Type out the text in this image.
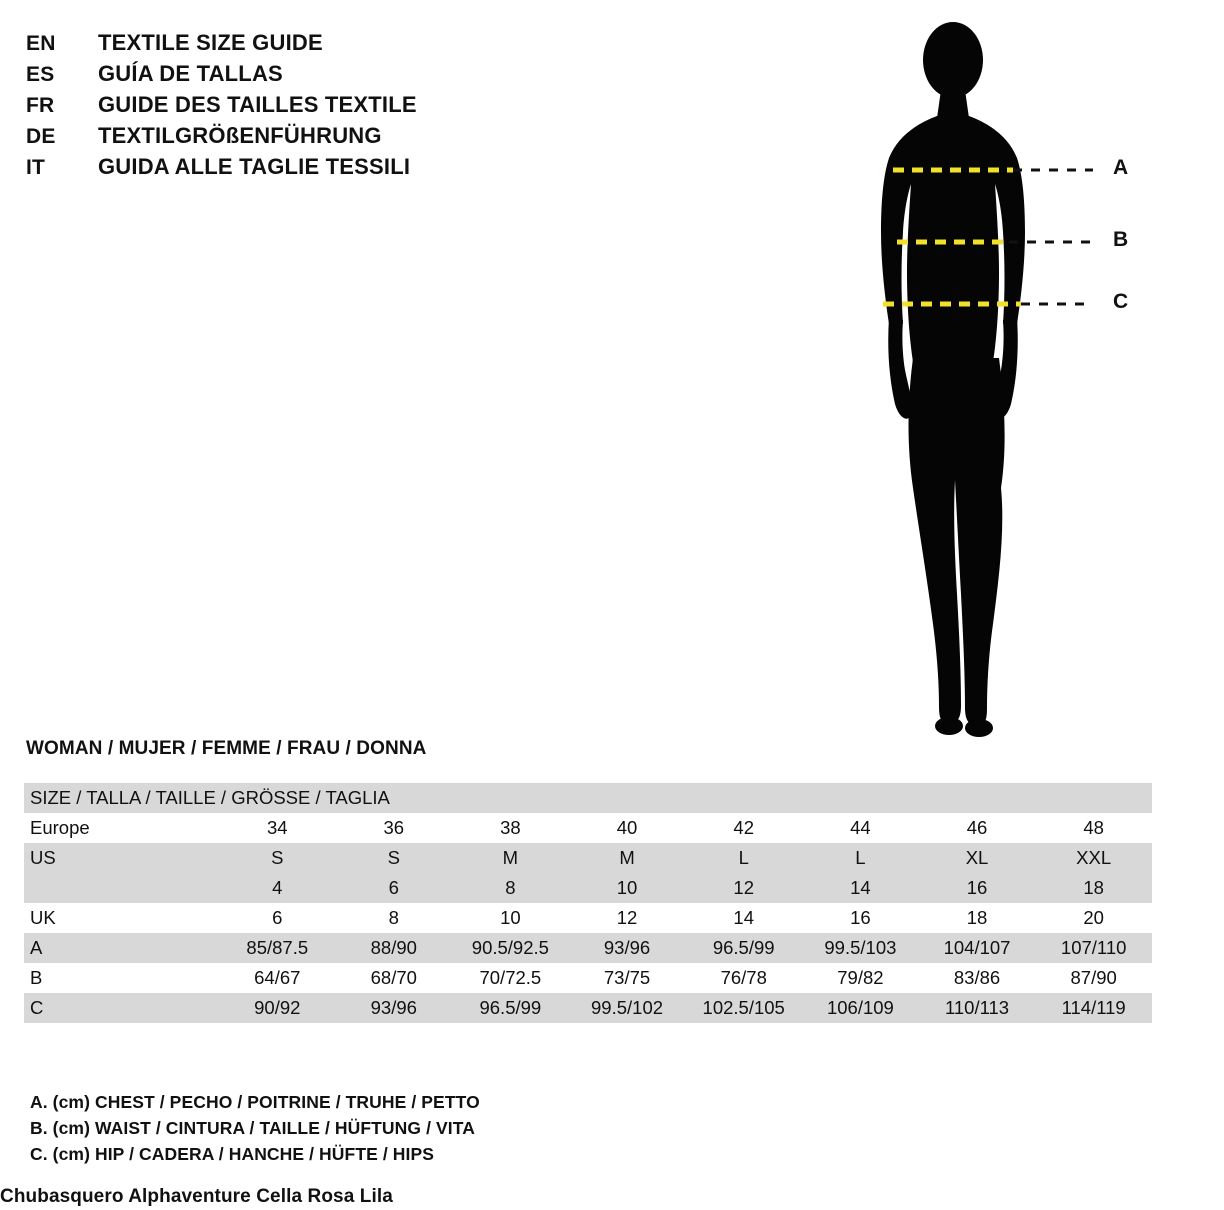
EN	TEXTILE SIZE GUIDE
ES	GUÍA DE TALLAS
FR	GUIDE DES TAILLES TEXTILE
DE	TEXTILGRÖßENFÜHRUNG
IT	GUIDA ALLE TAGLIE TESSILI	A
B
C
WOMAN / MUJER / FEMME / FRAU / DONNA
SIZE / TALLA / TAILLE / GRÖSSE / TAGLIA								
Europe	34	36	38	40	42	44	46	48
US	S	S	M	M	L	L	XL	XXL
	4	6	8	10	12	14	16	18
UK	6	8	10	12	14	16	18	20
A	85/87.5	88/90	90.5/92.5	93/96	96.5/99	99.5/103	104/107	107/110
B	64/67	68/70	70/72.5	73/75	76/78	79/82	83/86	87/90
C	90/92	93/96	96.5/99	99.5/102	102.5/105	106/109	110/113	114/119
A. (cm) CHEST / PECHO / POITRINE / TRUHE / PETTO
B. (cm) WAIST / CINTURA / TAILLE / HÜFTUNG / VITA
C. (cm) HIP / CADERA / HANCHE / HÜFTE / HIPS
Chubasquero Alphaventure Cella Rosa Lila
